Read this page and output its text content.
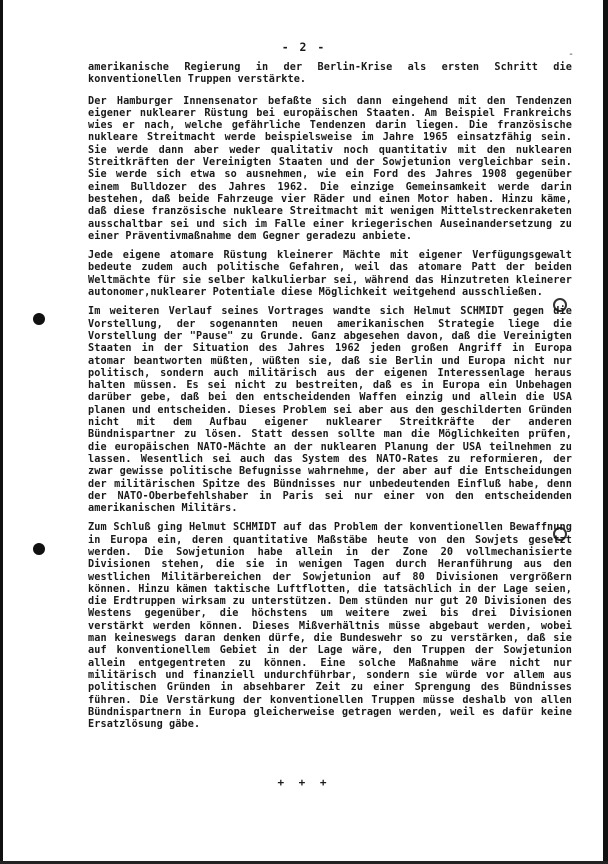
- 2 -
-

amerikanische Regierung in der Berlin-Krise als ersten Schritt die konventionellen Truppen verstärkte.

Der Hamburger Innensenator befaßte sich dann eingehend mit den Tendenzen eigener nuklearer Rüstung bei europäischen Staaten. Am Beispiel Frankreichs wies er nach, welche gefährliche Tendenzen darin liegen. Die französische nukleare Streitmacht werde beispielsweise im Jahre 1965 einsatzfähig sein. Sie werde dann aber weder qualitativ noch quantitativ mit den nuklearen Streitkräften der Vereinigten Staaten und der Sowjetunion vergleichbar sein. Sie werde sich etwa so ausnehmen, wie ein Ford des Jahres 1908 gegenüber einem Bulldozer des Jahres 1962. Die einzige Gemeinsamkeit werde darin bestehen, daß beide Fahrzeuge vier Räder und einen Motor haben. Hinzu käme, daß diese französische nukleare Streitmacht mit wenigen Mittelstreckenraketen ausschaltbar sei und sich im Falle einer kriegerischen Auseinandersetzung zu einer Präventivmaßnahme dem Gegner geradezu anbiete.

Jede eigene atomare Rüstung kleinerer Mächte mit eigener Verfügungsgewalt bedeute zudem auch politische Gefahren, weil das atomare Patt der beiden Weltmächte für sie selber kalkulierbar sei, während das Hinzutreten kleinerer autonomer,nuklearer Potentiale diese Möglichkeit weitgehend ausschließen.

Im weiteren Verlauf seines Vortrages wandte sich Helmut SCHMIDT gegen die Vorstellung, der sogenannten neuen amerikanischen Strategie liege die Vorstellung der "Pause" zu Grunde. Ganz abgesehen davon, daß die Vereinigten Staaten in der Situation des Jahres 1962 jeden großen Angriff in Europa atomar beantworten müßten, wüßten sie, daß sie Berlin und Europa nicht nur politisch, sondern auch militärisch aus der eigenen Interessenlage heraus halten müssen. Es sei nicht zu bestreiten, daß es in Europa ein Unbehagen darüber gebe, daß bei den entscheidenden Waffen einzig und allein die USA planen und entscheiden. Dieses Problem sei aber aus den geschilderten Gründen nicht mit dem Aufbau eigener nuklearer Streitkräfte der anderen Bündnispartner zu lösen. Statt dessen sollte man die Möglichkeiten prüfen, die europäischen NATO-Mächte an der nuklearen Planung der USA teilnehmen zu lassen. Wesentlich sei auch das System des NATO-Rates zu reformieren, der zwar gewisse politische Befugnisse wahrnehme, der aber auf die Entscheidungen der militärischen Spitze des Bündnisses nur unbedeutenden Einfluß habe, denn der NATO-Oberbefehlshaber in Paris sei nur einer von den entscheidenden amerikanischen Militärs.

Zum Schluß ging Helmut SCHMIDT auf das Problem der konventionellen Bewaffnung in Europa ein, deren quantitative Maßstäbe heute von den Sowjets gesetzt werden. Die Sowjetunion habe allein in der Zone 20 vollmechanisierte Divisionen stehen, die sie in wenigen Tagen durch Heranführung aus den westlichen Militärbereichen der Sowjetunion auf 80 Divisionen vergrößern können. Hinzu kämen taktische Luftflotten, die tatsächlich in der Lage seien, die Erdtruppen wirksam zu unterstützen. Dem stünden nur gut 20 Divisionen des Westens gegenüber, die höchstens um weitere zwei bis drei Divisionen verstärkt werden können. Dieses Mißverhältnis müsse abgebaut werden, wobei man keineswegs daran denken dürfe, die Bundeswehr so zu verstärken, daß sie auf konventionellem Gebiet in der Lage wäre, den Truppen der Sowjetunion allein entgegentreten zu können. Eine solche Maßnahme wäre nicht nur militärisch und finanziell undurchführbar, sondern sie würde vor allem aus politischen Gründen in absehbarer Zeit zu einer Sprengung des Bündnisses führen. Die Verstärkung der konventionellen Truppen müsse deshalb von allen Bündnispartnern in Europa gleicherweise getragen werden, weil es dafür keine Ersatzlösung gäbe.

+ + +
